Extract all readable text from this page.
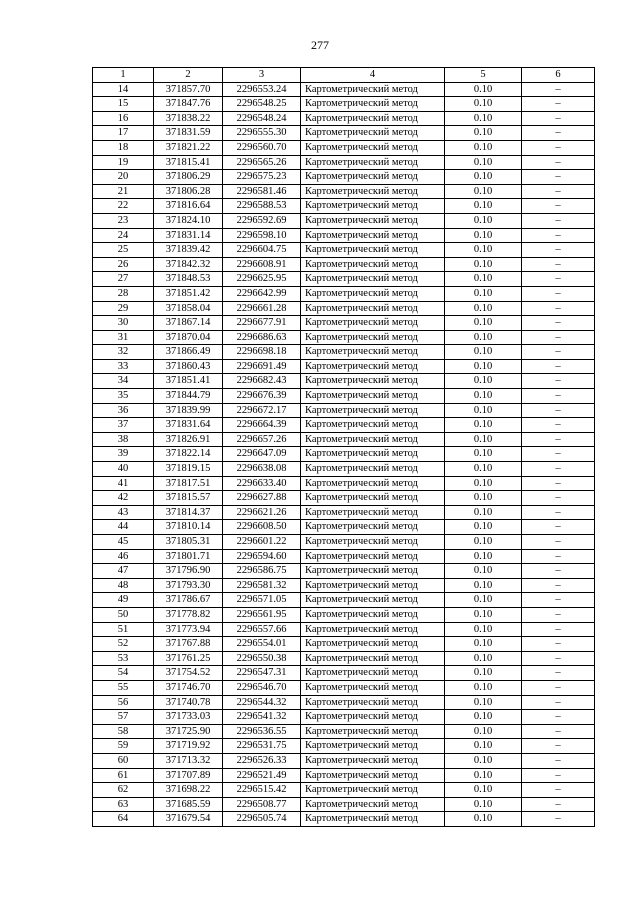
277
1	2	3	4	5	6
14	371857.70	2296553.24	Картометрический метод	0.10	–
15	371847.76	2296548.25	Картометрический метод	0.10	–
16	371838.22	2296548.24	Картометрический метод	0.10	–
17	371831.59	2296555.30	Картометрический метод	0.10	–
18	371821.22	2296560.70	Картометрический метод	0.10	–
19	371815.41	2296565.26	Картометрический метод	0.10	–
20	371806.29	2296575.23	Картометрический метод	0.10	–
21	371806.28	2296581.46	Картометрический метод	0.10	–
22	371816.64	2296588.53	Картометрический метод	0.10	–
23	371824.10	2296592.69	Картометрический метод	0.10	–
24	371831.14	2296598.10	Картометрический метод	0.10	–
25	371839.42	2296604.75	Картометрический метод	0.10	–
26	371842.32	2296608.91	Картометрический метод	0.10	–
27	371848.53	2296625.95	Картометрический метод	0.10	–
28	371851.42	2296642.99	Картометрический метод	0.10	–
29	371858.04	2296661.28	Картометрический метод	0.10	–
30	371867.14	2296677.91	Картометрический метод	0.10	–
31	371870.04	2296686.63	Картометрический метод	0.10	–
32	371866.49	2296698.18	Картометрический метод	0.10	–
33	371860.43	2296691.49	Картометрический метод	0.10	–
34	371851.41	2296682.43	Картометрический метод	0.10	–
35	371844.79	2296676.39	Картометрический метод	0.10	–
36	371839.99	2296672.17	Картометрический метод	0.10	–
37	371831.64	2296664.39	Картометрический метод	0.10	–
38	371826.91	2296657.26	Картометрический метод	0.10	–
39	371822.14	2296647.09	Картометрический метод	0.10	–
40	371819.15	2296638.08	Картометрический метод	0.10	–
41	371817.51	2296633.40	Картометрический метод	0.10	–
42	371815.57	2296627.88	Картометрический метод	0.10	–
43	371814.37	2296621.26	Картометрический метод	0.10	–
44	371810.14	2296608.50	Картометрический метод	0.10	–
45	371805.31	2296601.22	Картометрический метод	0.10	–
46	371801.71	2296594.60	Картометрический метод	0.10	–
47	371796.90	2296586.75	Картометрический метод	0.10	–
48	371793.30	2296581.32	Картометрический метод	0.10	–
49	371786.67	2296571.05	Картометрический метод	0.10	–
50	371778.82	2296561.95	Картометрический метод	0.10	–
51	371773.94	2296557.66	Картометрический метод	0.10	–
52	371767.88	2296554.01	Картометрический метод	0.10	–
53	371761.25	2296550.38	Картометрический метод	0.10	–
54	371754.52	2296547.31	Картометрический метод	0.10	–
55	371746.70	2296546.70	Картометрический метод	0.10	–
56	371740.78	2296544.32	Картометрический метод	0.10	–
57	371733.03	2296541.32	Картометрический метод	0.10	–
58	371725.90	2296536.55	Картометрический метод	0.10	–
59	371719.92	2296531.75	Картометрический метод	0.10	–
60	371713.32	2296526.33	Картометрический метод	0.10	–
61	371707.89	2296521.49	Картометрический метод	0.10	–
62	371698.22	2296515.42	Картометрический метод	0.10	–
63	371685.59	2296508.77	Картометрический метод	0.10	–
64	371679.54	2296505.74	Картометрический метод	0.10	–
